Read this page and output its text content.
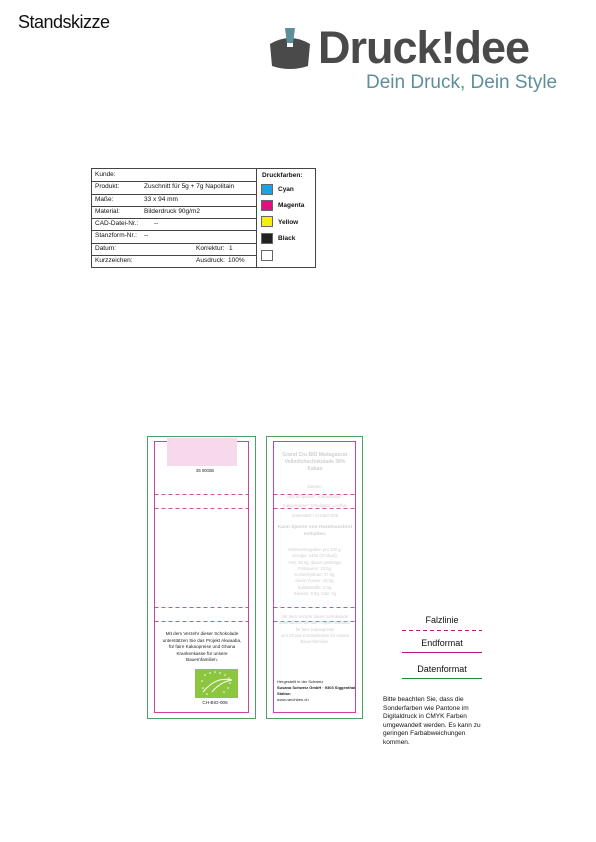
Standskizze	Druck!dee
Dein Druck, Dein Style
Kunde:
Produkt:	Zuschnitt für 5g + 7g Napolitain
Maße:	33 x 94 mm
Material:	Bilderdruck 90g/m2
CAD-Datei-Nr.: --
Stanzform-Nr.: --
Datum:	Korrektur: 1
Kurzzeichen:	Ausdruck: 100%
Druckfarben:
Cyan
Magenta
Yellow
Black
35 0002B
Mit dem Verzehr dieser Schokolade unterstützen Sie das Projekt Akwaaba, für faire Kakaopreise und Ghana Krankenkasse für unsere Bauernfamilien.
CH-BIO-006
Grand Cru BIO Madagascar Vollmilchschokolade 38% Kakao
Zutaten:
Vollmilchpulver*, Kakaobutter*,
Kakaomasse*, Emulgator: Lecithin
unterstützt / CH-BIO-006
Kann Spuren von Haselnussbrot enthalten.
Nährwertangaben pro 100 g:
Energie: 2405 (574kcal),
Fett: 38.0g, davon gesättigte
Fettsäuren: 23.0g,
Kohlenhydrate: 47.0g,
davon Zucker: 46.0g,
Ballaststoffe: 2.0g,
Eiweiss: 8.0g, Salz: 0g
Mit dem Verzehr dieser Schokolade
unterstützen Sie das Projekt Akwaaba,
für faire Kakaopreise
und Ghana Krankenkasse für unsere
Bauernfamilien.
Hergestellt in der Schweiz
Susana Schweiz GmbH · 9303 Siggenthal Station
www.ranchbee.ch
Falzlinie
Endformat
Datenformat
Bitte beachten Sie, dass die Sonderfarben wie Pantone im Digitaldruck in CMYK Farben umgewandelt werden. Es kann zu geringen Farbabweichungen kommen.
